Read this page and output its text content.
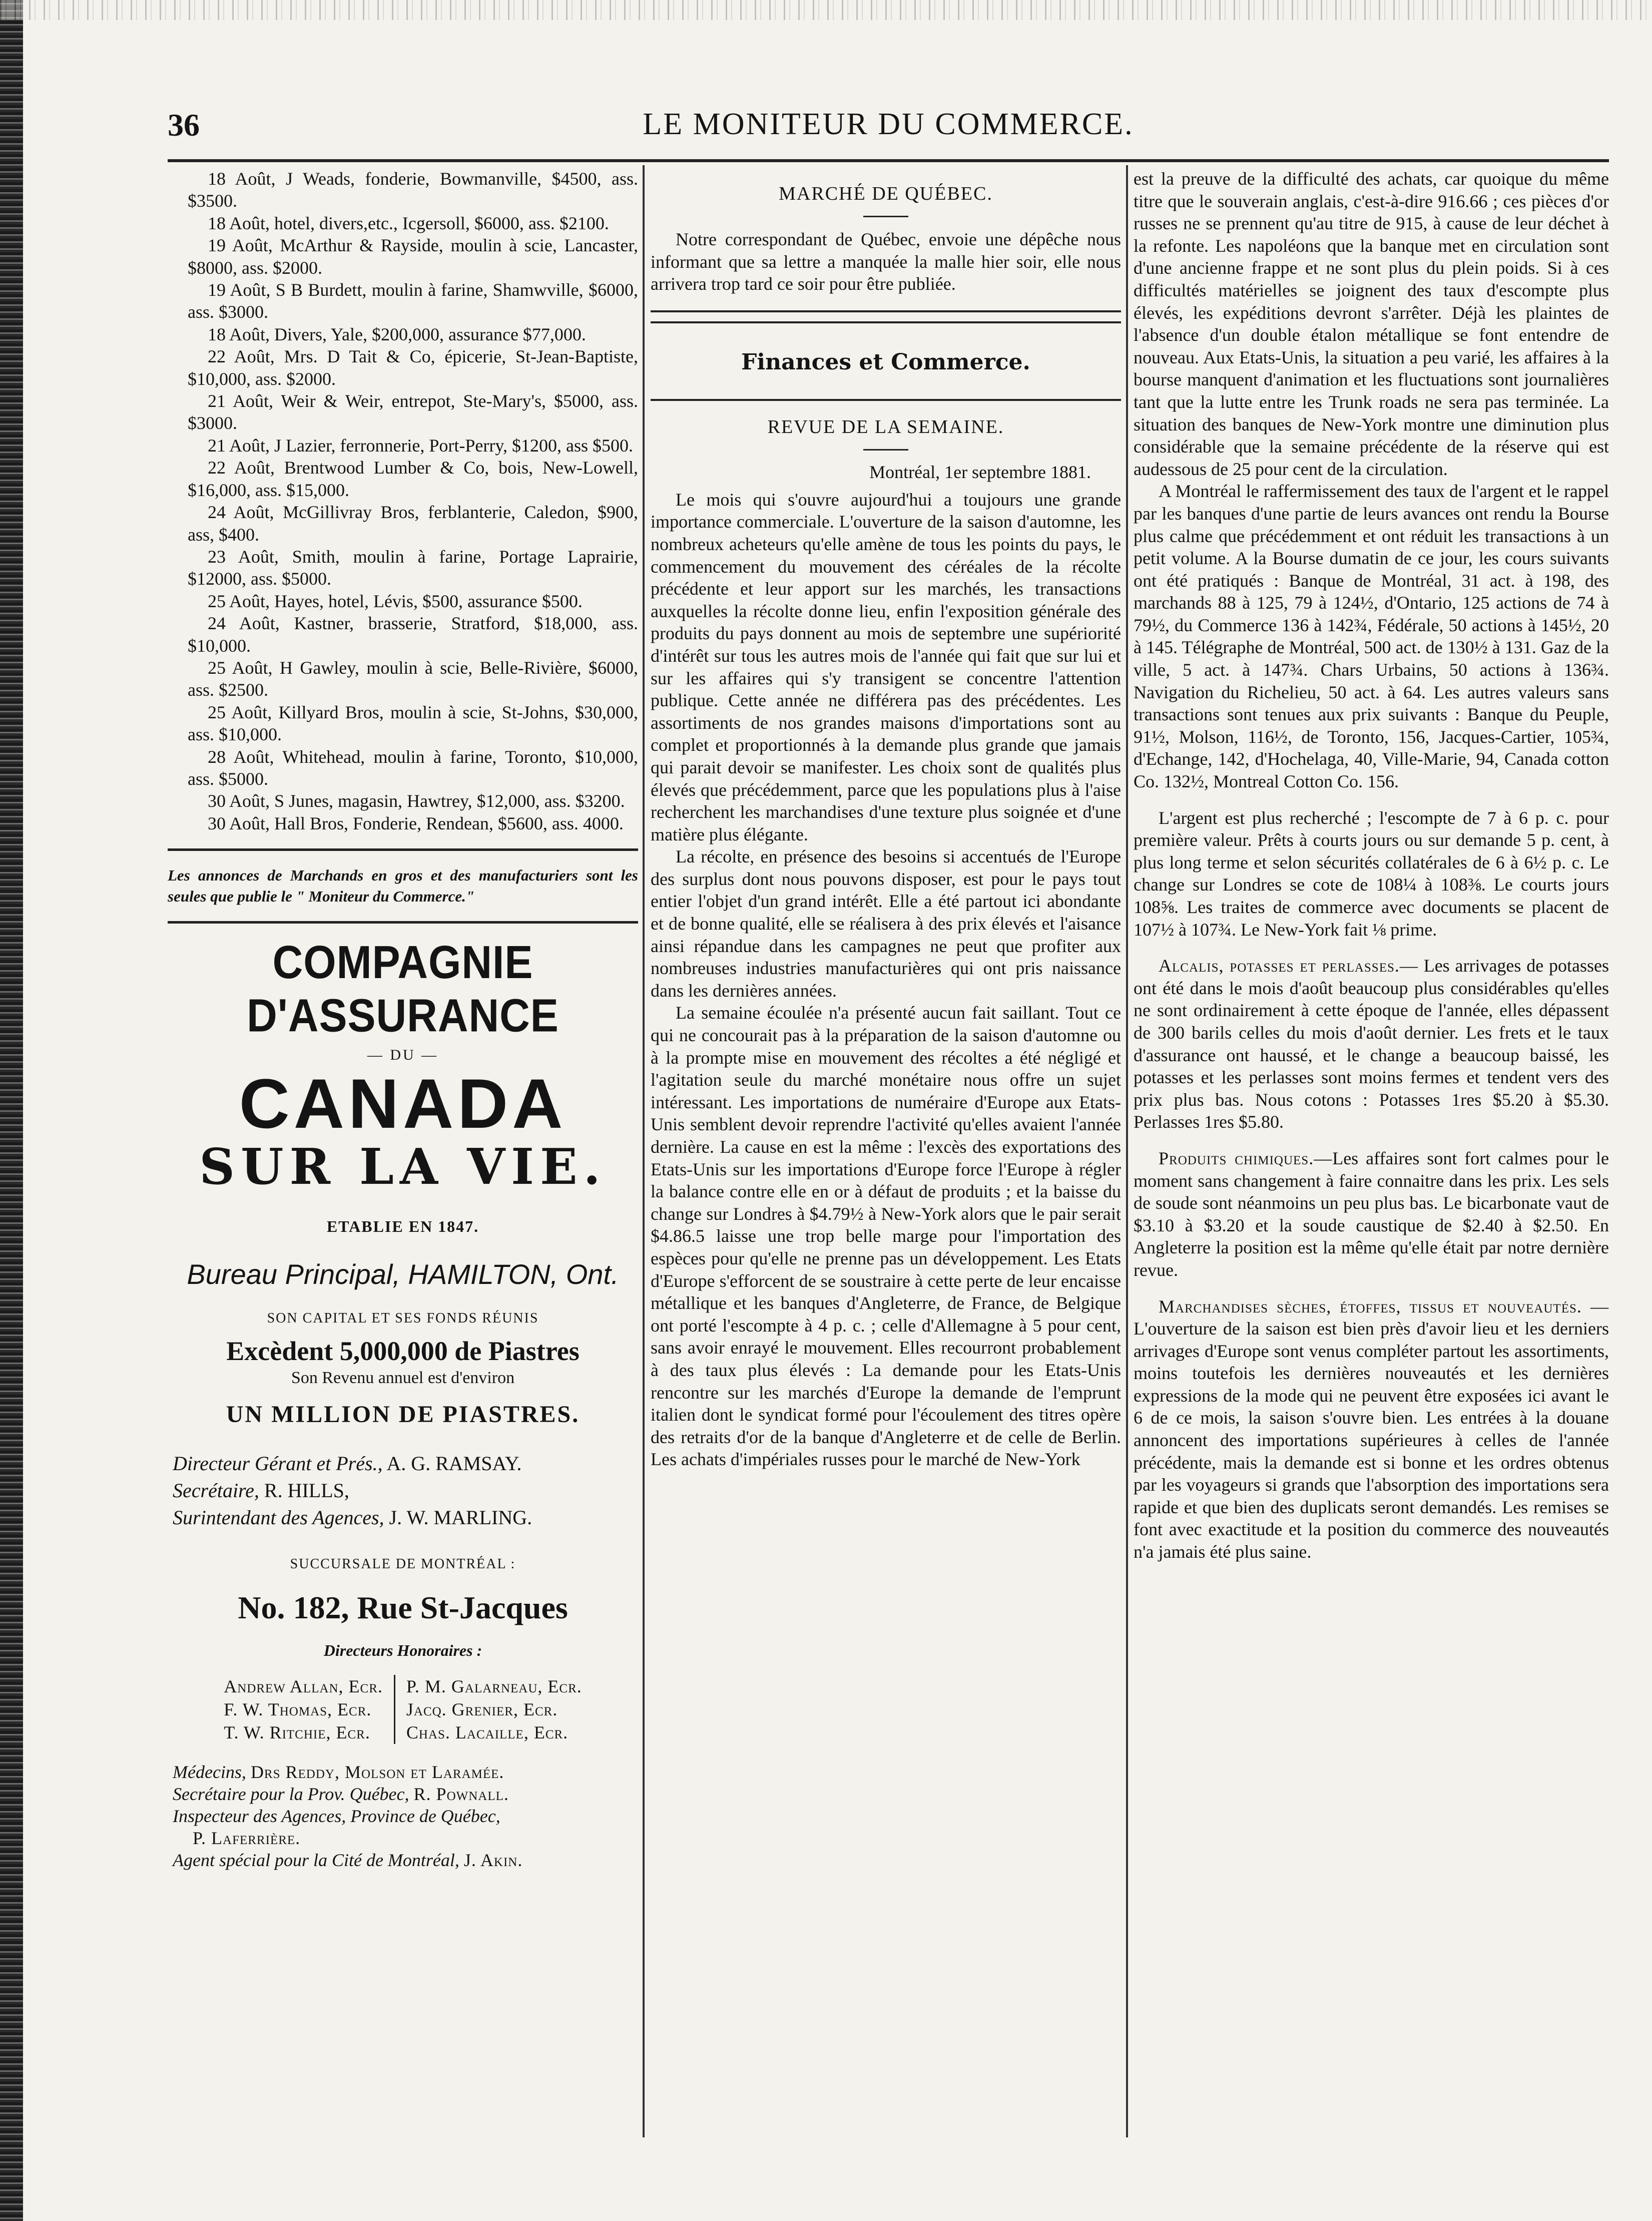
36	LE MONITEUR DU COMMERCE.

18 Août, J Weads, fonderie, Bowmanville, $4500, ass. $3500.

18 Août, hotel, divers,etc., Icgersoll, $6000, ass. $2100.

19 Août, McArthur & Rayside, moulin à scie, Lancaster, $8000, ass. $2000.

19 Août, S B Burdett, moulin à farine, Shamwville, $6000, ass. $3000.

18 Août, Divers, Yale, $200,000, assurance $77,000.

22 Août, Mrs. D Tait & Co, épicerie, St-Jean-Baptiste, $10,000, ass. $2000.

21 Août, Weir & Weir, entrepot, Ste-Mary's, $5000, ass. $3000.

21 Août, J Lazier, ferronnerie, Port-Perry, $1200, ass $500.

22 Août, Brentwood Lumber & Co, bois, New-Lowell, $16,000, ass. $15,000.

24 Août, McGillivray Bros, ferblanterie, Caledon, $900, ass, $400.

23 Août, Smith, moulin à farine, Portage Laprairie, $12000, ass. $5000.

25 Août, Hayes, hotel, Lévis, $500, assurance $500.

24 Août, Kastner, brasserie, Stratford, $18,000, ass. $10,000.

25 Août, H Gawley, moulin à scie, Belle-Rivière, $6000, ass. $2500.

25 Août, Killyard Bros, moulin à scie, St-Johns, $30,000, ass. $10,000.

28 Août, Whitehead, moulin à farine, Toronto, $10,000, ass. $5000.

30 Août, S Junes, magasin, Hawtrey, $12,000, ass. $3200.

30 Août, Hall Bros, Fonderie, Rendean, $5600, ass. 4000.

Les annonces de Marchands en gros et des manufacturiers sont les seules que publie le " Moniteur du Commerce."
COMPAGNIE D'ASSURANCE
— DU —
CANADA
SUR LA VIE.
ETABLIE EN 1847.
Bureau Principal, HAMILTON, Ont.
SON CAPITAL ET SES FONDS RÉUNIS
Excèdent 5,000,000 de Piastres
Son Revenu annuel est d'environ
UN MILLION DE PIASTRES.
Directeur Gérant et Prés., A. G. RAMSAY.
Secrétaire, R. HILLS,
Surintendant des Agences, J. W. MARLING.
SUCCURSALE DE MONTRÉAL :
No. 182, Rue St-Jacques
Directeurs Honoraires :
Andrew Allan, Ecr.
F. W. Thomas, Ecr.
T. W. Ritchie, Ecr.
P. M. Galarneau, Ecr.
Jacq. Grenier, Ecr.
Chas. Lacaille, Ecr.
Médecins, Drs Reddy, Molson et Laramée.
Secrétaire pour la Prov. Québec, R. Pownall.
Inspecteur des Agences, Province de Québec,
P. Laferrière.
Agent spécial pour la Cité de Montréal, J. Akin.
MARCHÉ DE QUÉBEC.

Notre correspondant de Québec, envoie une dépêche nous informant que sa lettre a manquée la malle hier soir, elle nous arrivera trop tard ce soir pour être publiée.

Finances et Commerce.
REVUE DE LA SEMAINE.
Montréal, 1er septembre 1881.

Le mois qui s'ouvre aujourd'hui a toujours une grande importance commerciale. L'ouverture de la saison d'automne, les nombreux acheteurs qu'elle amène de tous les points du pays, le commencement du mouvement des céréales de la récolte précédente et leur apport sur les marchés, les transactions auxquelles la récolte donne lieu, enfin l'exposition générale des produits du pays donnent au mois de septembre une supériorité d'intérêt sur tous les autres mois de l'année qui fait que sur lui et sur les affaires qui s'y transigent se concentre l'attention publique. Cette année ne différera pas des précédentes. Les assortiments de nos grandes maisons d'importations sont au complet et proportionnés à la demande plus grande que jamais qui parait devoir se manifester. Les choix sont de qualités plus élevés que précédemment, parce que les populations plus à l'aise recherchent les marchandises d'une texture plus soignée et d'une matière plus élégante.

La récolte, en présence des besoins si accentués de l'Europe des surplus dont nous pouvons disposer, est pour le pays tout entier l'objet d'un grand intérêt. Elle a été partout ici abondante et de bonne qualité, elle se réalisera à des prix élevés et l'aisance ainsi répandue dans les campagnes ne peut que profiter aux nombreuses industries manufacturières qui ont pris naissance dans les dernières années.

La semaine écoulée n'a présenté aucun fait saillant. Tout ce qui ne concourait pas à la préparation de la saison d'automne ou à la prompte mise en mouvement des récoltes a été négligé et l'agitation seule du marché monétaire nous offre un sujet intéressant. Les importations de numéraire d'Europe aux Etats-Unis semblent devoir reprendre l'activité qu'elles avaient l'année dernière. La cause en est la même : l'excès des exportations des Etats-Unis sur les importations d'Europe force l'Europe à régler la balance contre elle en or à défaut de produits ; et la baisse du change sur Londres à $4.79½ à New-York alors que le pair serait $4.86.5 laisse une trop belle marge pour l'importation des espèces pour qu'elle ne prenne pas un développement. Les Etats d'Europe s'efforcent de se soustraire à cette perte de leur encaisse métallique et les banques d'Angleterre, de France, de Belgique ont porté l'escompte à 4 p. c. ; celle d'Allemagne à 5 pour cent, sans avoir enrayé le mouvement. Elles recourront probablement à des taux plus élevés : La demande pour les Etats-Unis rencontre sur les marchés d'Europe la demande de l'emprunt italien dont le syndicat formé pour l'écoulement des titres opère des retraits d'or de la banque d'Angleterre et de celle de Berlin. Les achats d'impériales russes pour le marché de New-York

est la preuve de la difficulté des achats, car quoique du même titre que le souverain anglais, c'est-à-dire 916.66 ; ces pièces d'or russes ne se prennent qu'au titre de 915, à cause de leur déchet à la refonte. Les napoléons que la banque met en circulation sont d'une ancienne frappe et ne sont plus du plein poids. Si à ces difficultés matérielles se joignent des taux d'escompte plus élevés, les expéditions devront s'arrêter. Déjà les plaintes de l'absence d'un double étalon métallique se font entendre de nouveau. Aux Etats-Unis, la situation a peu varié, les affaires à la bourse manquent d'animation et les fluctuations sont journalières tant que la lutte entre les Trunk roads ne sera pas terminée. La situation des banques de New-York montre une diminution plus considérable que la semaine précédente de la réserve qui est audessous de 25 pour cent de la circulation.

A Montréal le raffermissement des taux de l'argent et le rappel par les banques d'une partie de leurs avances ont rendu la Bourse plus calme que précédemment et ont réduit les transactions à un petit volume. A la Bourse dumatin de ce jour, les cours suivants ont été pratiqués : Banque de Montréal, 31 act. à 198, des marchands 88 à 125, 79 à 124½, d'Ontario, 125 actions de 74 à 79½, du Commerce 136 à 142¾, Fédérale, 50 actions à 145½, 20 à 145. Télégraphe de Montréal, 500 act. de 130½ à 131. Gaz de la ville, 5 act. à 147¾. Chars Urbains, 50 actions à 136¾. Navigation du Richelieu, 50 act. à 64. Les autres valeurs sans transactions sont tenues aux prix suivants : Banque du Peuple, 91½, Molson, 116½, de Toronto, 156, Jacques-Cartier, 105¾, d'Echange, 142, d'Hochelaga, 40, Ville-Marie, 94, Canada cotton Co. 132½, Montreal Cotton Co. 156.

L'argent est plus recherché ; l'escompte de 7 à 6 p. c. pour première valeur. Prêts à courts jours ou sur demande 5 p. cent, à plus long terme et selon sécurités collatérales de 6 à 6½ p. c. Le change sur Londres se cote de 108¼ à 108⅜. Le courts jours 108⅝. Les traites de commerce avec documents se placent de 107½ à 107¾. Le New-York fait ⅛ prime.

Alcalis, potasses et perlasses.— Les arrivages de potasses ont été dans le mois d'août beaucoup plus considérables qu'elles ne sont ordinairement à cette époque de l'année, elles dépassent de 300 barils celles du mois d'août dernier. Les frets et le taux d'assurance ont haussé, et le change a beaucoup baissé, les potasses et les perlasses sont moins fermes et tendent vers des prix plus bas. Nous cotons : Potasses 1res $5.20 à $5.30. Perlasses 1res $5.80.

Produits chimiques.—Les affaires sont fort calmes pour le moment sans changement à faire connaitre dans les prix. Les sels de soude sont néanmoins un peu plus bas. Le bicarbonate vaut de $3.10 à $3.20 et la soude caustique de $2.40 à $2.50. En Angleterre la position est la même qu'elle était par notre dernière revue.

Marchandises sèches, étoffes, tissus et nouveautés. — L'ouverture de la saison est bien près d'avoir lieu et les derniers arrivages d'Europe sont venus compléter partout les assortiments, moins toutefois les dernières nouveautés et les dernières expressions de la mode qui ne peuvent être exposées ici avant le 6 de ce mois, la saison s'ouvre bien. Les entrées à la douane annoncent des importations supérieures à celles de l'année précédente, mais la demande est si bonne et les ordres obtenus par les voyageurs si grands que l'absorption des importations sera rapide et que bien des duplicats seront demandés. Les remises se font avec exactitude et la position du commerce des nouveautés n'a jamais été plus saine.
